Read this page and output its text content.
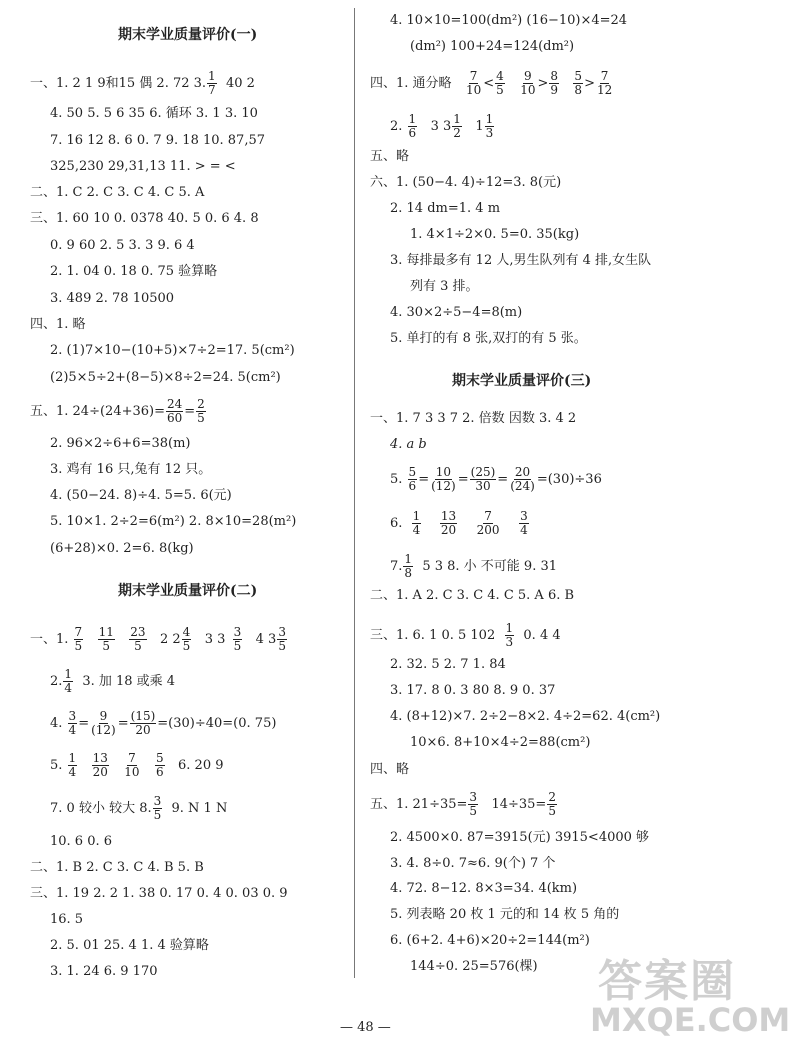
期末学业质量评价(一)
一、1. 2 1 9和15 偶 2. 72 3. $\frac{1}{7} 40$ 2
4. 50 5. 5 6 35 6. 循环 3. 1 3. 10
7. 16 12 8. 6 0. 7 9. 18 10. 87,57
325,230 29,31,13 11. > = <
二、1. C 2. C 3. C 4. C 5. A
三、1. 60 10 0. 0378 40. 5 0. 6 4. 8
0. 9 60 2. 5 3. 3 9. 6 4
2. 1. 04 0. 18 0. 75 验算略
3. 489 2. 78 10500
四、1. 略
2. (1)7×10−(10+5)×7÷2=17. 5(cm²)
(2)5×5÷2+(8−5)×8÷2=24. 5(cm²)
五、1. $24\div(24+36)= \frac{24}{60} = \frac{2}{5}$
2. 96×2÷6+6=38(m)
3. 鸡有 16 只,兔有 12 只。
4. (50−24. 8)÷4. 5=5. 6(元)
5. 10×1. 2÷2=6(m²) 2. 8×10=28(m²)
(6+28)×0. 2=6. 8(kg)
期末学业质量评价(二)
一、1. $\frac{7}{5}$
$\frac{11}{5}$
$\frac{23}{5} 2$ $2 \frac{4}{5} 3$ $3 \frac{3}{5} 4$ $3 \frac{3}{5}$
2. $\frac{1}{4} 3$. 加 18 或乘 4
4. $\frac{3}{4} = \frac{9}{(12)} = \frac{(15)}{20} =(30)\div 40=(0$. 75)
5. $\frac{1}{4}$
$\frac{13}{20}$
$\frac{7}{10}$
$\frac{5}{6} 6$. 20 9
7. 0 较小 较大 8. $\frac{3}{5} 9$. N 1 N
10. 6 0. 6
二、1. B 2. C 3. C 4. B 5. B
三、1. 19 2. 2 1. 38 0. 17 0. 4 0. 03 0. 9
16. 5
2. 5. 01 25. 4 1. 4 验算略
3. 1. 24 6. 9 170
4. 10×10=100(dm²) (16−10)×4=24
(dm²) 100+24=124(dm²)
四、1. 通分略 $\frac{7}{10} < \frac{4}{5}$
$\frac{9}{10} > \frac{8}{9}$
$\frac{5}{8} > \frac{7}{12}$
2. $\frac{1}{6} 3$ $3 \frac{1}{2} 1 \frac{1}{3}$
五、略
六、1. (50−4. 4)÷12=3. 8(元)
2. 14 dm=1. 4 m
1. 4×1÷2×0. 5=0. 35(kg)
3. 每排最多有 12 人,男生队列有 4 排,女生队
列有 3 排。
4. 30×2÷5−4=8(m)
5. 单打的有 8 张,双打的有 5 张。
期末学业质量评价(三)
一、1. 7 3 3 7 2. 倍数 因数 3. 4 2
4. a b
5. $\frac{5}{6} = \frac{10}{(12)} = \frac{(25)}{30} = \frac{20}{(24)} =(30)\div 36$
6. $\frac{1}{4}$
$\frac{13}{20}$
$\frac{7}{200}$
$\frac{3}{4}$
7. $\frac{1}{8} 5$ 3 8. 小 不可能 9. 31
二、1. A 2. C 3. C 4. C 5. A 6. B
三、1. 6. 1 0. 5 $102 \frac{1}{3} 0$. 4 4
2. 32. 5 2. 7 1. 84
3. 17. 8 0. 3 80 8. 9 0. 37
4. (8+12)×7. 2÷2−8×2. 4÷2=62. 4(cm²)
10×6. 8+10×4÷2=88(cm²)
四、略
五、1. $21\div 35= \frac{3}{5} 14\div 35= \frac{2}{5}$
2. 4500×0. 87=3915(元) 3915<4000 够
3. 4. 8÷0. 7≈6. 9(个) 7 个
4. 72. 8−12. 8×3=34. 4(km)
5. 列表略 20 枚 1 元的和 14 枚 5 角的
6. (6+2. 4+6)×20÷2=144(m²)
144÷0. 25=576(棵)
— 48 —
答案圈
MXQE.COM
